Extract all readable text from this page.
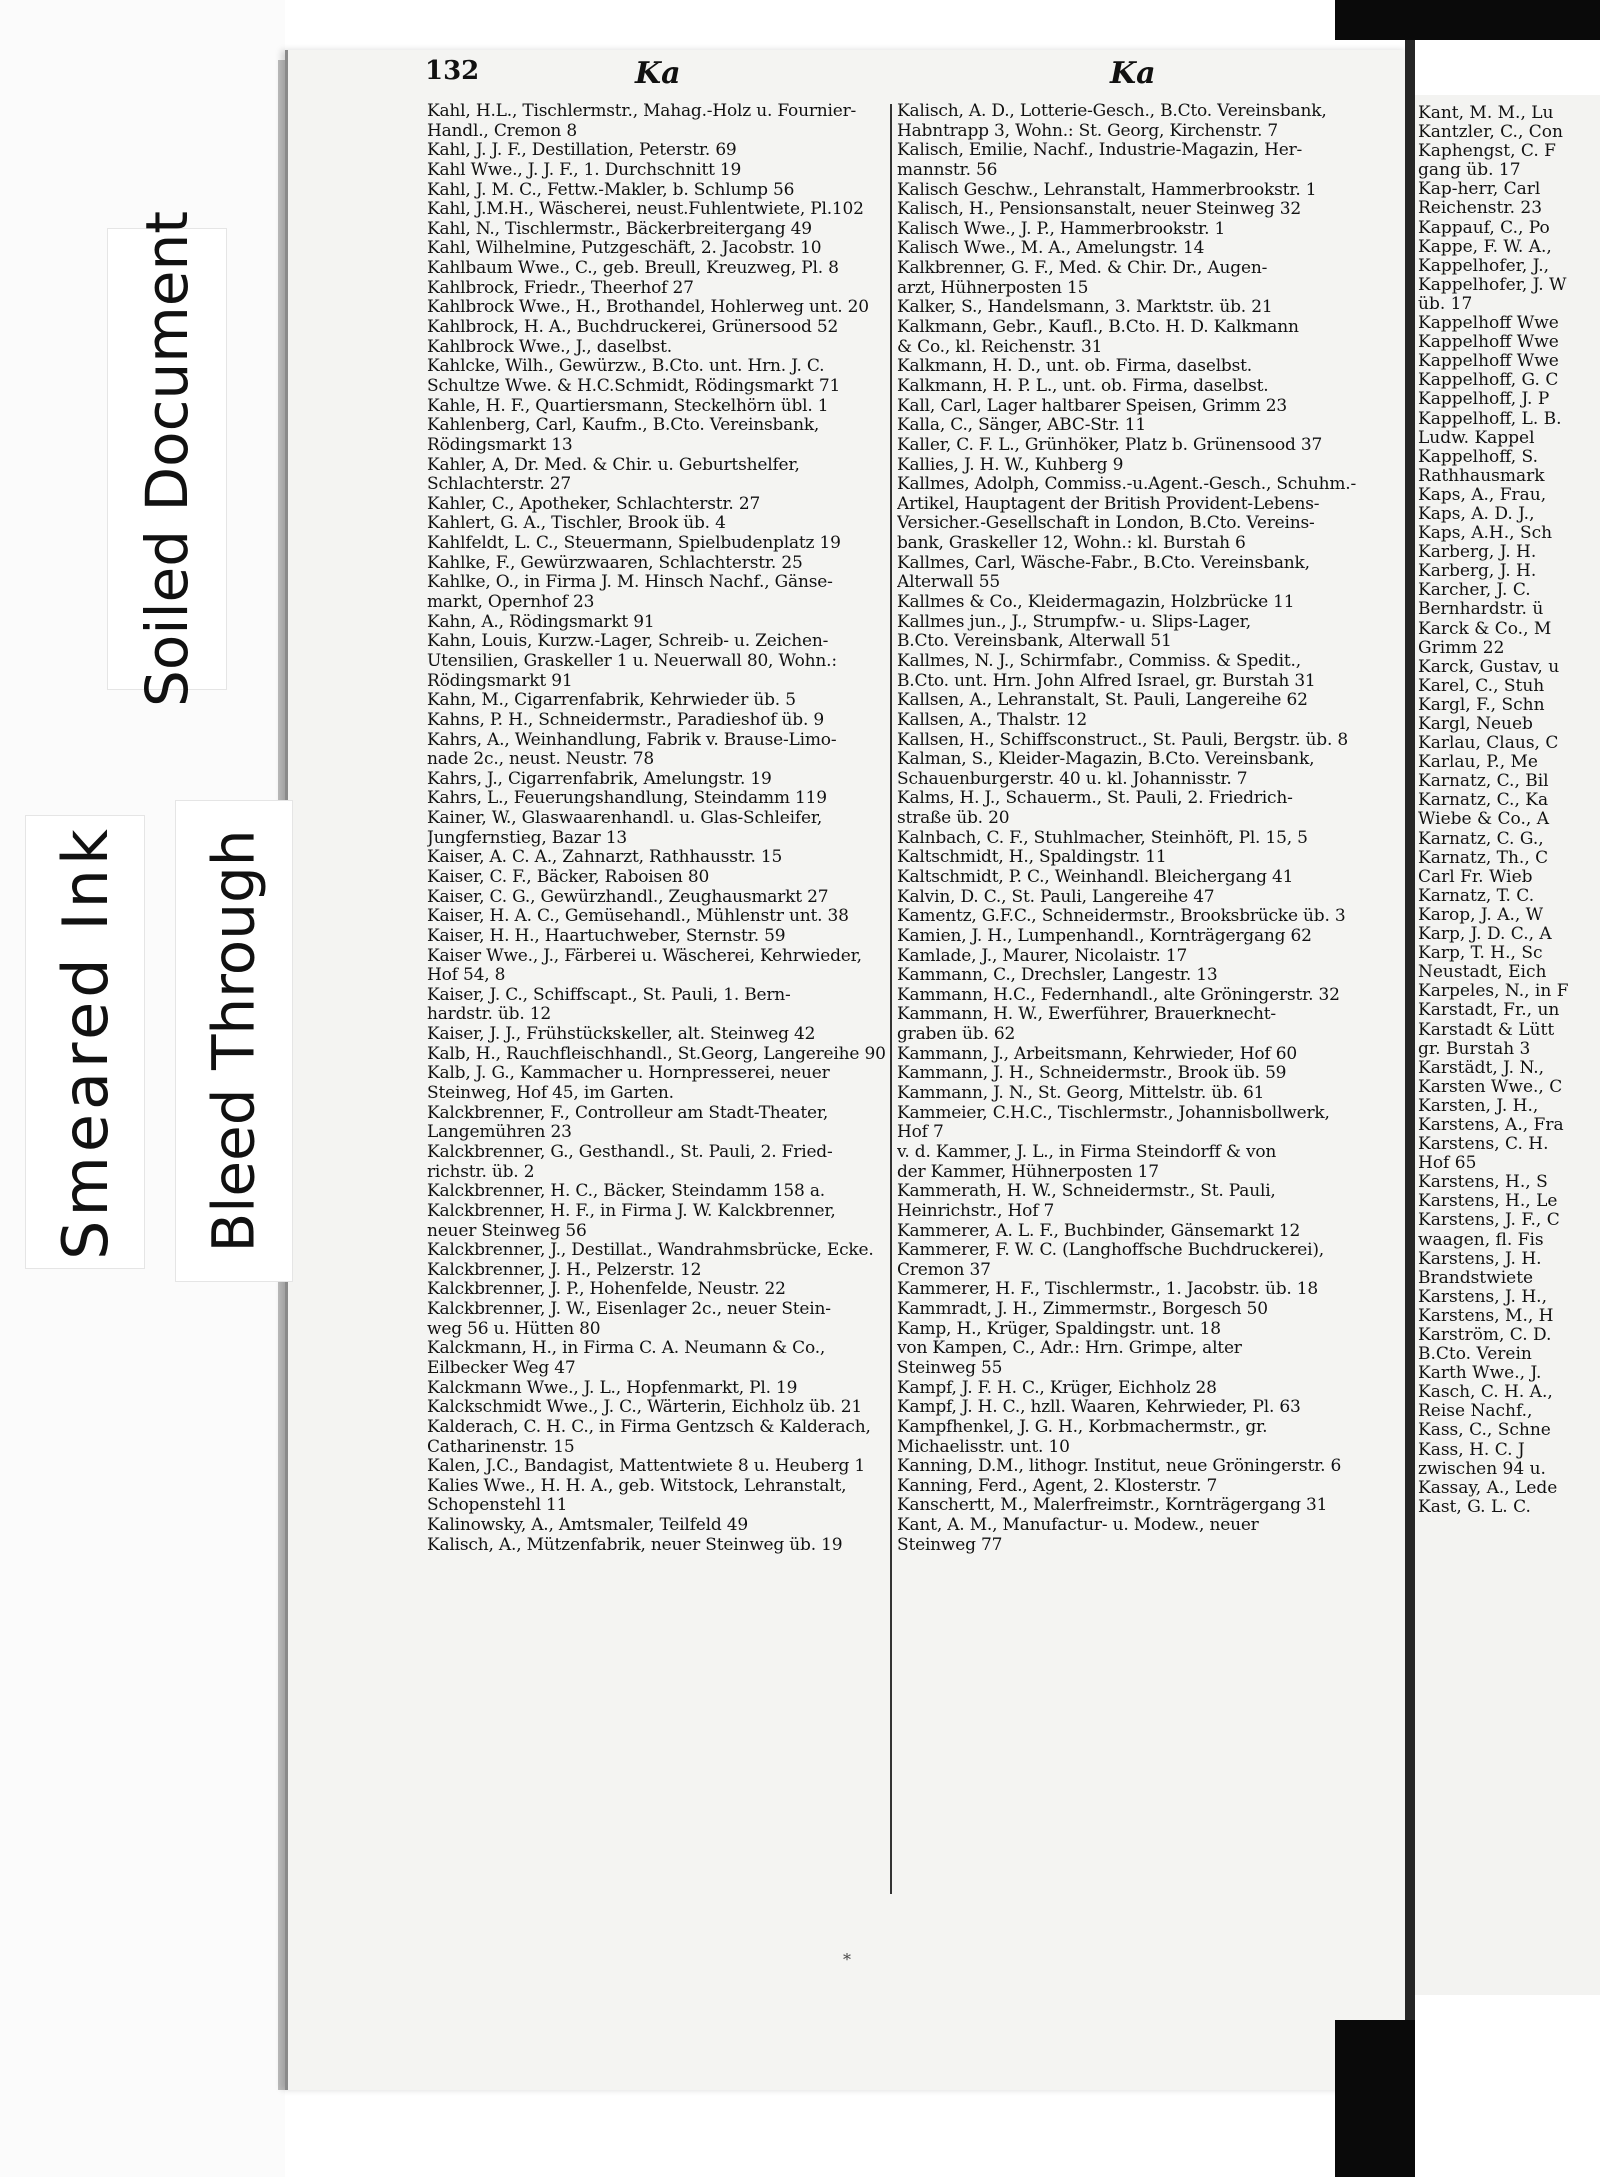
Soiled Document
Smeared Ink Bleed Through
132	Ka	Ka
Kahl, H.L., Tischlermstr., Mahag.-Holz u. Fournier-
Handl., Cremon 8
Kahl, J. J. F., Destillation, Peterstr. 69
Kahl Wwe., J. J. F., 1. Durchschnitt 19
Kahl, J. M. C., Fettw.-Makler, b. Schlump 56
Kahl, J.M.H., Wäscherei, neust.Fuhlentwiete, Pl.102
Kahl, N., Tischlermstr., Bäckerbreitergang 49
Kahl, Wilhelmine, Putzgeschäft, 2. Jacobstr. 10
Kahlbaum Wwe., C., geb. Breull, Kreuzweg, Pl. 8
Kahlbrock, Friedr., Theerhof 27
Kahlbrock Wwe., H., Brothandel, Hohlerweg unt. 20
Kahlbrock, H. A., Buchdruckerei, Grünersood 52
Kahlbrock Wwe., J., daselbst.
Kahlcke, Wilh., Gewürzw., B.Cto. unt. Hrn. J. C.
Schultze Wwe. & H.C.Schmidt, Rödingsmarkt 71
Kahle, H. F., Quartiersmann, Steckelhörn übl. 1
Kahlenberg, Carl, Kaufm., B.Cto. Vereinsbank,
Rödingsmarkt 13
Kahler, A, Dr. Med. & Chir. u. Geburtshelfer,
Schlachterstr. 27
Kahler, C., Apotheker, Schlachterstr. 27
Kahlert, G. A., Tischler, Brook üb. 4
Kahlfeldt, L. C., Steuermann, Spielbudenplatz 19
Kahlke, F., Gewürzwaaren, Schlachterstr. 25
Kahlke, O., in Firma J. M. Hinsch Nachf., Gänse-
markt, Opernhof 23
Kahn, A., Rödingsmarkt 91
Kahn, Louis, Kurzw.-Lager, Schreib- u. Zeichen-
Utensilien, Graskeller 1 u. Neuerwall 80, Wohn.:
Rödingsmarkt 91
Kahn, M., Cigarrenfabrik, Kehrwieder üb. 5
Kahns, P. H., Schneidermstr., Paradieshof üb. 9
Kahrs, A., Weinhandlung, Fabrik v. Brause-Limo-
nade 2c., neust. Neustr. 78
Kahrs, J., Cigarrenfabrik, Amelungstr. 19
Kahrs, L., Feuerungshandlung, Steindamm 119
Kainer, W., Glaswaarenhandl. u. Glas-Schleifer,
Jungfernstieg, Bazar 13
Kaiser, A. C. A., Zahnarzt, Rathhausstr. 15
Kaiser, C. F., Bäcker, Raboisen 80
Kaiser, C. G., Gewürzhandl., Zeughausmarkt 27
Kaiser, H. A. C., Gemüsehandl., Mühlenstr unt. 38
Kaiser, H. H., Haartuchweber, Sternstr. 59
Kaiser Wwe., J., Färberei u. Wäscherei, Kehrwieder,
Hof 54, 8
Kaiser, J. C., Schiffscapt., St. Pauli, 1. Bern-
hardstr. üb. 12
Kaiser, J. J., Frühstückskeller, alt. Steinweg 42
Kalb, H., Rauchfleischhandl., St.Georg, Langereihe 90
Kalb, J. G., Kammacher u. Hornpresserei, neuer
Steinweg, Hof 45, im Garten.
Kalckbrenner, F., Controlleur am Stadt-Theater,
Langemühren 23
Kalckbrenner, G., Gesthandl., St. Pauli, 2. Fried-
richstr. üb. 2
Kalckbrenner, H. C., Bäcker, Steindamm 158 a.
Kalckbrenner, H. F., in Firma J. W. Kalckbrenner,
neuer Steinweg 56
Kalckbrenner, J., Destillat., Wandrahmsbrücke, Ecke.
Kalckbrenner, J. H., Pelzerstr. 12
Kalckbrenner, J. P., Hohenfelde, Neustr. 22
Kalckbrenner, J. W., Eisenlager 2c., neuer Stein-
weg 56 u. Hütten 80
Kalckmann, H., in Firma C. A. Neumann & Co.,
Eilbecker Weg 47
Kalckmann Wwe., J. L., Hopfenmarkt, Pl. 19
Kalckschmidt Wwe., J. C., Wärterin, Eichholz üb. 21
Kalderach, C. H. C., in Firma Gentzsch & Kalderach,
Catharinenstr. 15
Kalen, J.C., Bandagist, Mattentwiete 8 u. Heuberg 1
Kalies Wwe., H. H. A., geb. Witstock, Lehranstalt,
Schopenstehl 11
Kalinowsky, A., Amtsmaler, Teilfeld 49
Kalisch, A., Mützenfabrik, neuer Steinweg üb. 19
Kalisch, A. D., Lotterie-Gesch., B.Cto. Vereinsbank,
Habntrapp 3, Wohn.: St. Georg, Kirchenstr. 7
Kalisch, Emilie, Nachf., Industrie-Magazin, Her-
mannstr. 56
Kalisch Geschw., Lehranstalt, Hammerbrookstr. 1
Kalisch, H., Pensionsanstalt, neuer Steinweg 32
Kalisch Wwe., J. P., Hammerbrookstr. 1
Kalisch Wwe., M. A., Amelungstr. 14
Kalkbrenner, G. F., Med. & Chir. Dr., Augen-
arzt, Hühnerposten 15
Kalker, S., Handelsmann, 3. Marktstr. üb. 21
Kalkmann, Gebr., Kaufl., B.Cto. H. D. Kalkmann
& Co., kl. Reichenstr. 31
Kalkmann, H. D., unt. ob. Firma, daselbst.
Kalkmann, H. P. L., unt. ob. Firma, daselbst.
Kall, Carl, Lager haltbarer Speisen, Grimm 23
Kalla, C., Sänger, ABC-Str. 11
Kaller, C. F. L., Grünhöker, Platz b. Grünensood 37
Kallies, J. H. W., Kuhberg 9
Kallmes, Adolph, Commiss.-u.Agent.-Gesch., Schuhm.-
Artikel, Hauptagent der British Provident-Lebens-
Versicher.-Gesellschaft in London, B.Cto. Vereins-
bank, Graskeller 12, Wohn.: kl. Burstah 6
Kallmes, Carl, Wäsche-Fabr., B.Cto. Vereinsbank,
Alterwall 55
Kallmes & Co., Kleidermagazin, Holzbrücke 11
Kallmes jun., J., Strumpfw.- u. Slips-Lager,
B.Cto. Vereinsbank, Alterwall 51
Kallmes, N. J., Schirmfabr., Commiss. & Spedit.,
B.Cto. unt. Hrn. John Alfred Israel, gr. Burstah 31
Kallsen, A., Lehranstalt, St. Pauli, Langereihe 62
Kallsen, A., Thalstr. 12
Kallsen, H., Schiffsconstruct., St. Pauli, Bergstr. üb. 8
Kalman, S., Kleider-Magazin, B.Cto. Vereinsbank,
Schauenburgerstr. 40 u. kl. Johannisstr. 7
Kalms, H. J., Schauerm., St. Pauli, 2. Friedrich-
straße üb. 20
Kalnbach, C. F., Stuhlmacher, Steinhöft, Pl. 15, 5
Kaltschmidt, H., Spaldingstr. 11
Kaltschmidt, P. C., Weinhandl. Bleichergang 41
Kalvin, D. C., St. Pauli, Langereihe 47
Kamentz, G.F.C., Schneidermstr., Brooksbrücke üb. 3
Kamien, J. H., Lumpenhandl., Kornträgergang 62
Kamlade, J., Maurer, Nicolaistr. 17
Kammann, C., Drechsler, Langestr. 13
Kammann, H.C., Federnhandl., alte Gröningerstr. 32
Kammann, H. W., Ewerführer, Brauerknecht-
graben üb. 62
Kammann, J., Arbeitsmann, Kehrwieder, Hof 60
Kammann, J. H., Schneidermstr., Brook üb. 59
Kammann, J. N., St. Georg, Mittelstr. üb. 61
Kammeier, C.H.C., Tischlermstr., Johannisbollwerk,
Hof 7
v. d. Kammer, J. L., in Firma Steindorff & von
der Kammer, Hühnerposten 17
Kammerath, H. W., Schneidermstr., St. Pauli,
Heinrichstr., Hof 7
Kammerer, A. L. F., Buchbinder, Gänsemarkt 12
Kammerer, F. W. C. (Langhoffsche Buchdruckerei),
Cremon 37
Kammerer, H. F., Tischlermstr., 1. Jacobstr. üb. 18
Kammradt, J. H., Zimmermstr., Borgesch 50
Kamp, H., Krüger, Spaldingstr. unt. 18
von Kampen, C., Adr.: Hrn. Grimpe, alter
Steinweg 55
Kampf, J. F. H. C., Krüger, Eichholz 28
Kampf, J. H. C., hzll. Waaren, Kehrwieder, Pl. 63
Kampfhenkel, J. G. H., Korbmachermstr., gr.
Michaelisstr. unt. 10
Kanning, D.M., lithogr. Institut, neue Gröningerstr. 6
Kanning, Ferd., Agent, 2. Klosterstr. 7
Kanschertt, M., Malerfreimstr., Kornträgergang 31
Kant, A. M., Manufactur- u. Modew., neuer
Steinweg 77
Kant, M. M., Lu
Kantzler, C., Con
Kaphengst, C. F
gang üb. 17
Kap-herr, Carl
Reichenstr. 23
Kappauf, C., Po
Kappe, F. W. A.,
Kappelhofer, J.,
Kappelhofer, J. W
üb. 17
Kappelhoff Wwe
Kappelhoff Wwe
Kappelhoff Wwe
Kappelhoff, G. C
Kappelhoff, J. P
Kappelhoff, L. B.
Ludw. Kappel
Kappelhoff, S.
Rathhausmark
Kaps, A., Frau,
Kaps, A. D. J.,
Kaps, A.H., Sch
Karberg, J. H.
Karberg, J. H.
Karcher, J. C.
Bernhardstr. ü
Karck & Co., M
Grimm 22
Karck, Gustav, u
Karel, C., Stuh
Kargl, F., Schn
Kargl, Neueb
Karlau, Claus, C
Karlau, P., Me
Karnatz, C., Bil
Karnatz, C., Ka
Wiebe & Co., A
Karnatz, C. G.,
Karnatz, Th., C
Carl Fr. Wieb
Karnatz, T. C.
Karop, J. A., W
Karp, J. D. C., A
Karp, T. H., Sc
Neustadt, Eich
Karpeles, N., in F
Karstadt, Fr., un
Karstadt & Lütt
gr. Burstah 3
Karstädt, J. N.,
Karsten Wwe., C
Karsten, J. H.,
Karstens, A., Fra
Karstens, C. H.
Hof 65
Karstens, H., S
Karstens, H., Le
Karstens, J. F., C
waagen, fl. Fis
Karstens, J. H.
Brandstwiete
Karstens, J. H.,
Karstens, M., H
Karström, C. D.
B.Cto. Verein
Karth Wwe., J.
Kasch, C. H. A.,
Reise Nachf.,
Kass, C., Schne
Kass, H. C. J
zwischen 94 u.
Kassay, A., Lede
Kast, G. L. C.
*
